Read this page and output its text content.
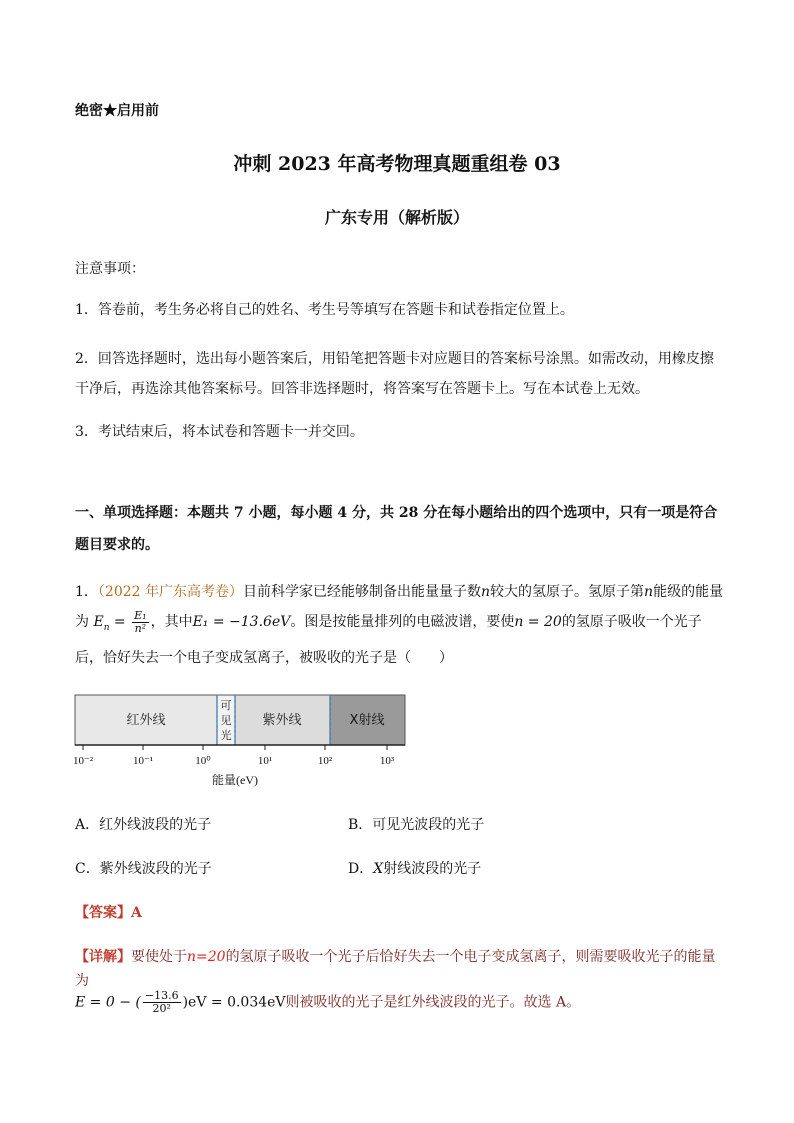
绝密★启用前
冲刺 2023 年高考物理真题重组卷 03
广东专用（解析版）
注意事项：
1．答卷前，考生务必将自己的姓名、考生号等填写在答题卡和试卷指定位置上。
2．回答选择题时，选出每小题答案后，用铅笔把答题卡对应题目的答案标号涂黑。如需改动，用橡皮擦干净后，再选涂其他答案标号。回答非选择题时，将答案写在答题卡上。写在本试卷上无效。
3．考试结束后，将本试卷和答题卡一并交回。
一、单项选择题：本题共 7 小题，每小题 4 分，共 28 分在每小题给出的四个选项中，只有一项是符合题目要求的。
1．（2022 年广东高考卷）目前科学家已经能够制备出能量量子数n较大的氢原子。氢原子第n能级的能量为 $E_n = \frac{\text{E₁}}{\text{n²}}$ ，其中E₁ = −13.6eV。图是按能量排列的电磁波谱，要使n = 20的氢原子吸收一个光子后，恰好失去一个电子变成氢离子，被吸收的光子是（　　）
红外线
可
见
光
紫外线	X射线
10⁻²	10⁻¹	10⁰	10¹	10²	10³
能量(eV)
A．红外线波段的光子	B．可见光波段的光子
C．紫外线波段的光子	D．X射线波段的光子
【答案】A
【详解】要使处于n=20的氢原子吸收一个光子后恰好失去一个电子变成氢离子，则需要吸收光子的能量为
E = 0 − ( $\frac{-13.6}{\text{20²}} )eV = 0.034eV$则被吸收的光子是红外线波段的光子。故选 A。
